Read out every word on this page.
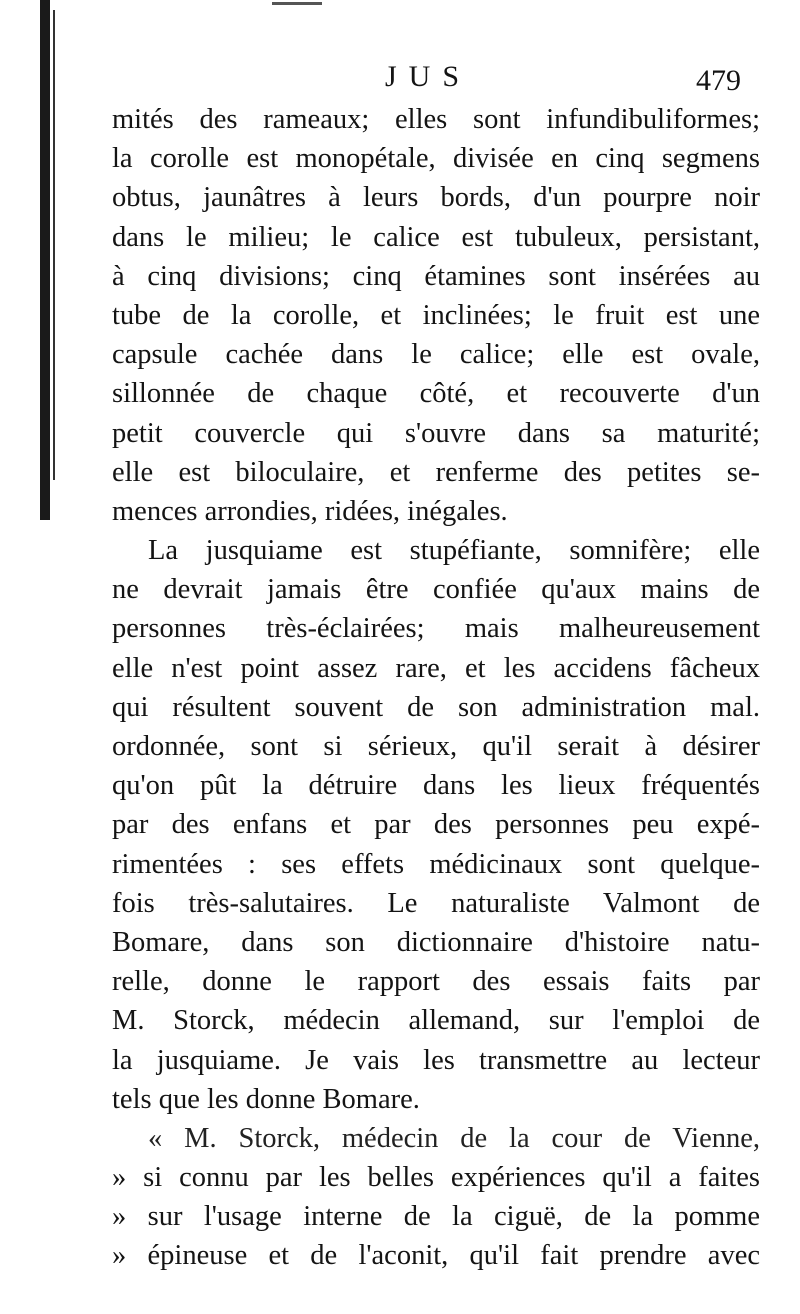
JUS	479
mités des rameaux; elles sont infundibuliformes;
la corolle est monopétale, divisée en cinq segmens
obtus, jaunâtres à leurs bords, d'un pourpre noir
dans le milieu; le calice est tubuleux, persistant,
à cinq divisions; cinq étamines sont insérées au
tube de la corolle, et inclinées; le fruit est une
capsule cachée dans le calice; elle est ovale,
sillonnée de chaque côté, et recouverte d'un
petit couvercle qui s'ouvre dans sa maturité;
elle est biloculaire, et renferme des petites se-
mences arrondies, ridées, inégales.
La jusquiame est stupéfiante, somnifère; elle
ne devrait jamais être confiée qu'aux mains de
personnes très-éclairées; mais malheureusement
elle n'est point assez rare, et les accidens fâcheux
qui résultent souvent de son administration mal.
ordonnée, sont si sérieux, qu'il serait à désirer
qu'on pût la détruire dans les lieux fréquentés
par des enfans et par des personnes peu expé-
rimentées : ses effets médicinaux sont quelque-
fois très-salutaires. Le naturaliste Valmont de
Bomare, dans son dictionnaire d'histoire natu-
relle, donne le rapport des essais faits par
M. Storck, médecin allemand, sur l'emploi de
la jusquiame. Je vais les transmettre au lecteur
tels que les donne Bomare.
« M. Storck, médecin de la cour de Vienne,
» si connu par les belles expériences qu'il a faites
» sur l'usage interne de la ciguë, de la pomme
» épineuse et de l'aconit, qu'il fait prendre avec
